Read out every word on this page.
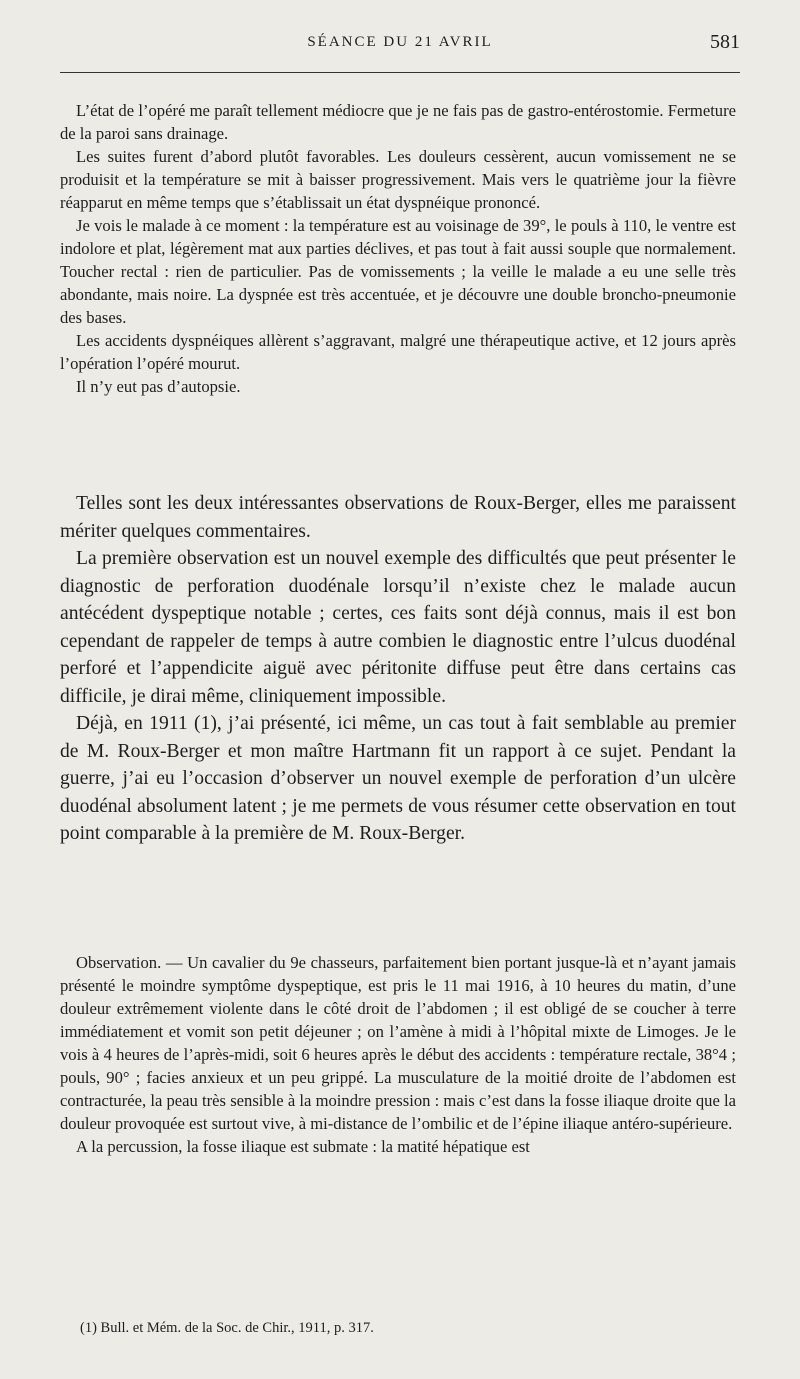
SÉANCE DU 21 AVRIL	581

L’état de l’opéré me paraît tellement médiocre que je ne fais pas de gastro-entérostomie. Fermeture de la paroi sans drainage.

Les suites furent d’abord plutôt favorables. Les douleurs cessèrent, aucun vomissement ne se produisit et la température se mit à baisser progressivement. Mais vers le quatrième jour la fièvre réapparut en même temps que s’établissait un état dyspnéique prononcé.

Je vois le malade à ce moment : la température est au voisinage de 39°, le pouls à 110, le ventre est indolore et plat, légèrement mat aux parties déclives, et pas tout à fait aussi souple que normalement. Toucher rectal : rien de particulier. Pas de vomissements ; la veille le malade a eu une selle très abondante, mais noire. La dyspnée est très accentuée, et je découvre une double broncho-pneumonie des bases.

Les accidents dyspnéiques allèrent s’aggravant, malgré une thérapeutique active, et 12 jours après l’opération l’opéré mourut.

Il n’y eut pas d’autopsie.

Telles sont les deux intéressantes observations de Roux-Berger, elles me paraissent mériter quelques commentaires.

La première observation est un nouvel exemple des difficultés que peut présenter le diagnostic de perforation duodénale lorsqu’il n’existe chez le malade aucun antécédent dyspeptique notable ; certes, ces faits sont déjà connus, mais il est bon cependant de rappeler de temps à autre combien le diagnostic entre l’ulcus duodénal perforé et l’appendicite aiguë avec péritonite diffuse peut être dans certains cas difficile, je dirai même, cliniquement impossible.

Déjà, en 1911 (1), j’ai présenté, ici même, un cas tout à fait semblable au premier de M. Roux-Berger et mon maître Hartmann fit un rapport à ce sujet. Pendant la guerre, j’ai eu l’occasion d’observer un nouvel exemple de perforation d’un ulcère duodénal absolument latent ; je me permets de vous résumer cette observation en tout point comparable à la première de M. Roux-Berger.

Observation. — Un cavalier du 9e chasseurs, parfaitement bien portant jusque-là et n’ayant jamais présenté le moindre symptôme dyspeptique, est pris le 11 mai 1916, à 10 heures du matin, d’une douleur extrêmement violente dans le côté droit de l’abdomen ; il est obligé de se coucher à terre immédiatement et vomit son petit déjeuner ; on l’amène à midi à l’hôpital mixte de Limoges. Je le vois à 4 heures de l’après-midi, soit 6 heures après le début des accidents : température rectale, 38°4 ; pouls, 90° ; facies anxieux et un peu grippé. La musculature de la moitié droite de l’abdomen est contracturée, la peau très sensible à la moindre pression : mais c’est dans la fosse iliaque droite que la douleur provoquée est surtout vive, à mi-distance de l’ombilic et de l’épine iliaque antéro-supérieure.

A la percussion, la fosse iliaque est submate : la matité hépatique est

(1) Bull. et Mém. de la Soc. de Chir., 1911, p. 317.
